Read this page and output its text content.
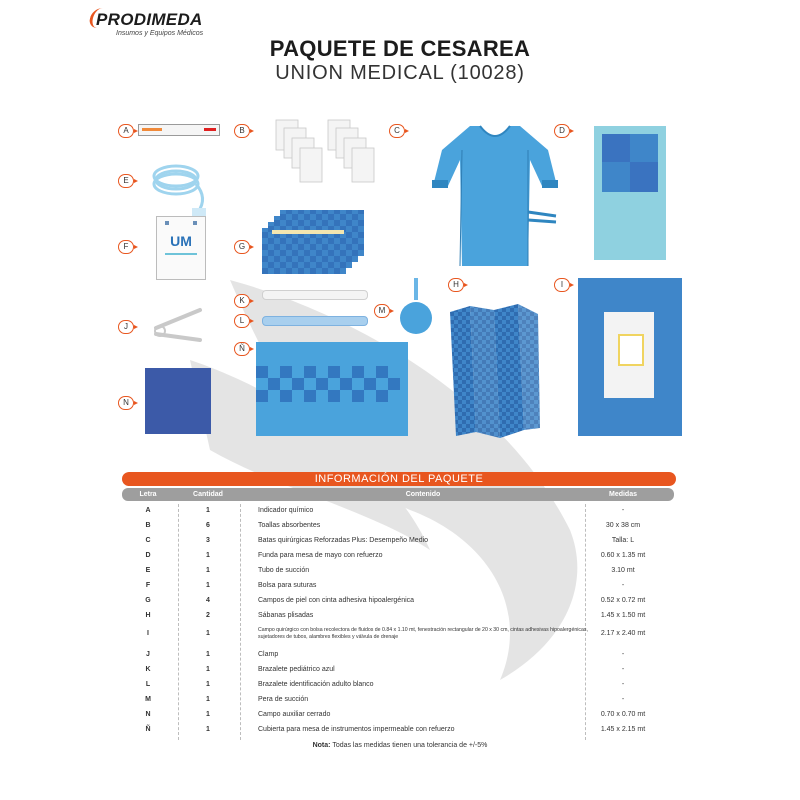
PRODIMEDA
Insumos y Equipos Médicos
PAQUETE DE CESAREA
UNION MEDICAL (10028)
UM
A	B	C	D
E
F	G
H	I
J
K
L
M
Ñ
N
INFORMACIÓN DEL PAQUETE
Letra	Cantidad	Contenido	Medidas
A	1	Indicador químico	-
B	6	Toallas absorbentes	30 x 38 cm
C	3	Batas quirúrgicas Reforzadas Plus: Desempeño Medio	Talla: L
D	1	Funda para mesa de mayo con refuerzo	0.60 x 1.35 mt
E	1	Tubo de succión	3.10 mt
F	1	Bolsa para suturas	-
G	4	Campos de piel con cinta adhesiva hipoalergénica	0.52 x 0.72 mt
H	2	Sábanas plisadas	1.45 x 1.50 mt
I	1	Campo quirúrgico con bolsa recolectora de fluidos de 0.84 x 1.10 mt, fenestración rectangular de 20 x 30 cm, cintas adhesivas hipoalergénicas, sujetadores de tubos, alambres flexibles y válvula de drenaje	2.17 x 2.40 mt
J	1	Clamp	-
K	1	Brazalete pediátrico azul	-
L	1	Brazalete identificación adulto blanco	-
M	1	Pera de succión	-
N	1	Campo auxiliar cerrado	0.70 x 0.70 mt
Ñ	1	Cubierta para mesa de instrumentos impermeable con refuerzo	1.45 x 2.15 mt
Nota: Todas las medidas tienen una tolerancia de +/-5%
